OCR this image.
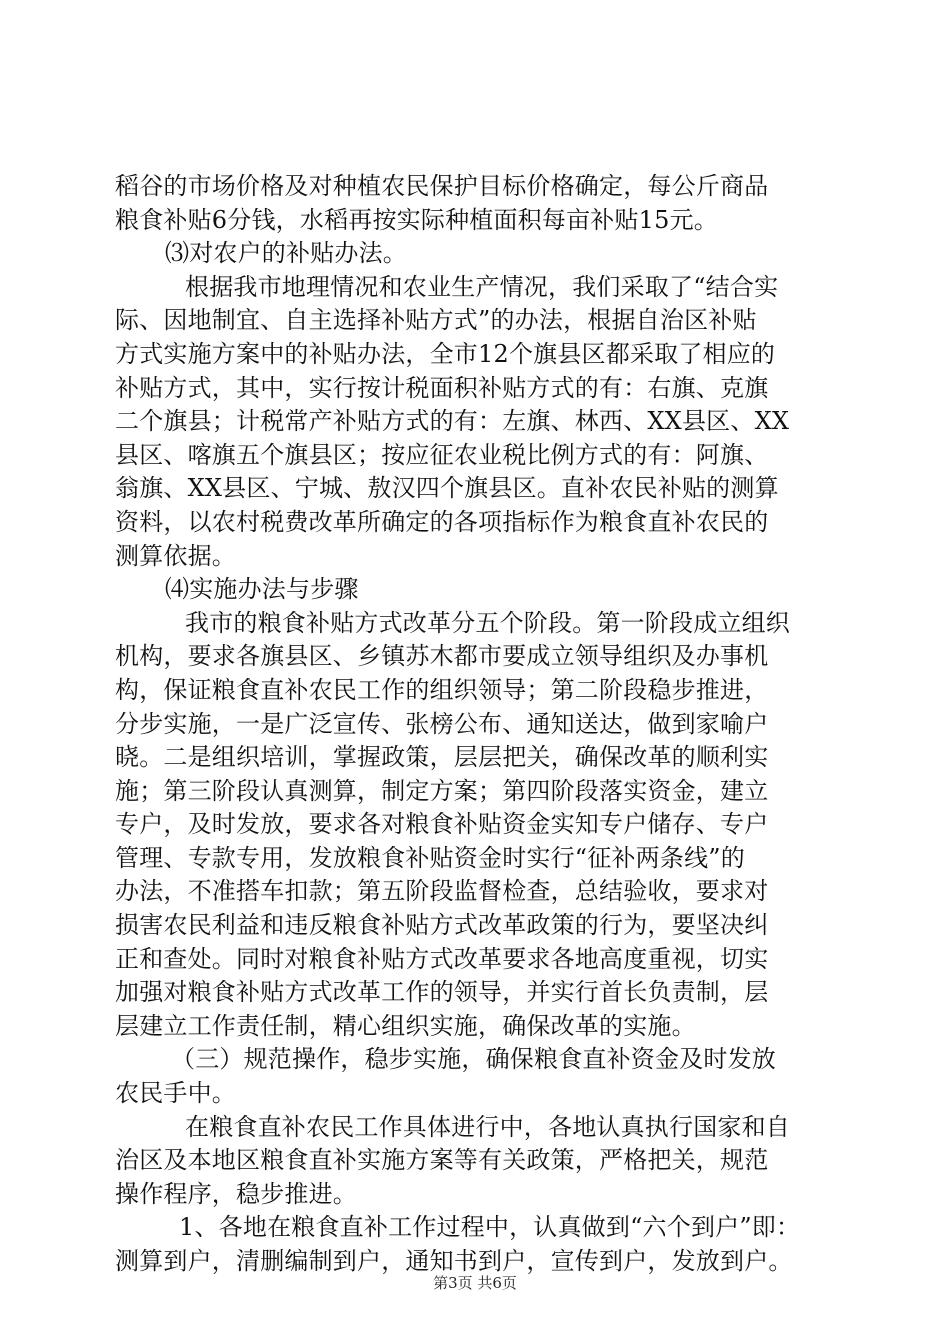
稻谷的市场价格及对种植农民保护目标价格确定，每公斤商品
粮食补贴6分钱，水稻再按实际种植面积每亩补贴15元。
⑶对农户的补贴办法。
根据我市地理情况和农业生产情况，我们采取了“结合实
际、因地制宜、自主选择补贴方式”的办法，根据自治区补贴
方式实施方案中的补贴办法，全市12个旗县区都采取了相应的
补贴方式，其中，实行按计税面积补贴方式的有：右旗、克旗
二个旗县；计税常产补贴方式的有：左旗、林西、XX县区、XX
县区、喀旗五个旗县区；按应征农业税比例方式的有：阿旗、
翁旗、XX县区、宁城、敖汉四个旗县区。直补农民补贴的测算
资料，以农村税费改革所确定的各项指标作为粮食直补农民的
测算依据。
⑷实施办法与步骤
我市的粮食补贴方式改革分五个阶段。第一阶段成立组织
机构，要求各旗县区、乡镇苏木都市要成立领导组织及办事机
构，保证粮食直补农民工作的组织领导；第二阶段稳步推进，
分步实施，一是广泛宣传、张榜公布、通知送达，做到家喻户
晓。二是组织培训，掌握政策，层层把关，确保改革的顺利实
施；第三阶段认真测算，制定方案；第四阶段落实资金，建立
专户，及时发放，要求各对粮食补贴资金实知专户储存、专户
管理、专款专用，发放粮食补贴资金时实行“征补两条线”的
办法，不准搭车扣款；第五阶段监督检查，总结验收，要求对
损害农民利益和违反粮食补贴方式改革政策的行为，要坚决纠
正和查处。同时对粮食补贴方式改革要求各地高度重视，切实
加强对粮食补贴方式改革工作的领导，并实行首长负责制，层
层建立工作责任制，精心组织实施，确保改革的实施。
（三）规范操作，稳步实施，确保粮食直补资金及时发放
农民手中。
在粮食直补农民工作具体进行中，各地认真执行国家和自
治区及本地区粮食直补实施方案等有关政策，严格把关，规范
操作程序，稳步推进。
1、各地在粮食直补工作过程中，认真做到“六个到户”即：
测算到户，清删编制到户，通知书到户，宣传到户，发放到户。
第3页 共6页
